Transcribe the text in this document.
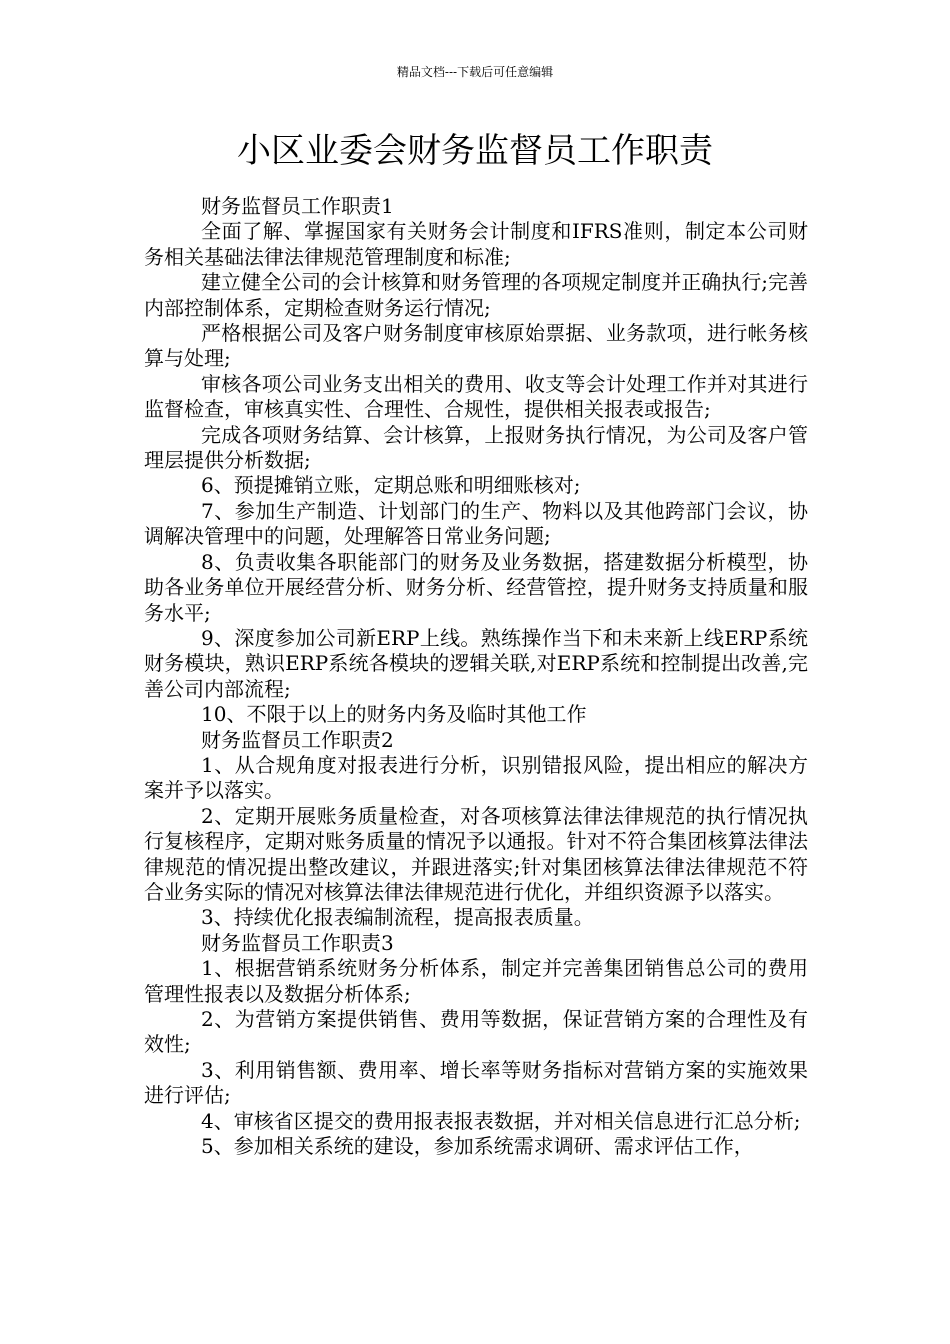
精品文档---下载后可任意编辑
小区业委会财务监督员工作职责

财务监督员工作职责1

全面了解、掌握国家有关财务会计制度和IFRS准则，制定本公司财务相关基础法律法律规范管理制度和标准;

建立健全公司的会计核算和财务管理的各项规定制度并正确执行;完善内部控制体系，定期检查财务运行情况;

严格根据公司及客户财务制度审核原始票据、业务款项，进行帐务核算与处理;

审核各项公司业务支出相关的费用、收支等会计处理工作并对其进行监督检查，审核真实性、合理性、合规性，提供相关报表或报告;

完成各项财务结算、会计核算，上报财务执行情况，为公司及客户管理层提供分析数据;

6、预提摊销立账，定期总账和明细账核对;

7、参加生产制造、计划部门的生产、物料以及其他跨部门会议，协调解决管理中的问题，处理解答日常业务问题;

8、负责收集各职能部门的财务及业务数据，搭建数据分析模型，协助各业务单位开展经营分析、财务分析、经营管控，提升财务支持质量和服务水平;

9、深度参加公司新ERP上线。熟练操作当下和未来新上线ERP系统财务模块，熟识ERP系统各模块的逻辑关联,对ERP系统和控制提出改善,完善公司内部流程;

10、不限于以上的财务内务及临时其他工作

财务监督员工作职责2

1、从合规角度对报表进行分析，识别错报风险，提出相应的解决方案并予以落实。

2、定期开展账务质量检查，对各项核算法律法律规范的执行情况执行复核程序，定期对账务质量的情况予以通报。针对不符合集团核算法律法律规范的情况提出整改建议，并跟进落实;针对集团核算法律法律规范不符合业务实际的情况对核算法律法律规范进行优化，并组织资源予以落实。

3、持续优化报表编制流程，提高报表质量。

财务监督员工作职责3

1、根据营销系统财务分析体系，制定并完善集团销售总公司的费用管理性报表以及数据分析体系;

2、为营销方案提供销售、费用等数据，保证营销方案的合理性及有效性;

3、利用销售额、费用率、增长率等财务指标对营销方案的实施效果进行评估;

4、审核省区提交的费用报表报表数据，并对相关信息进行汇总分析;

5、参加相关系统的建设，参加系统需求调研、需求评估工作，
